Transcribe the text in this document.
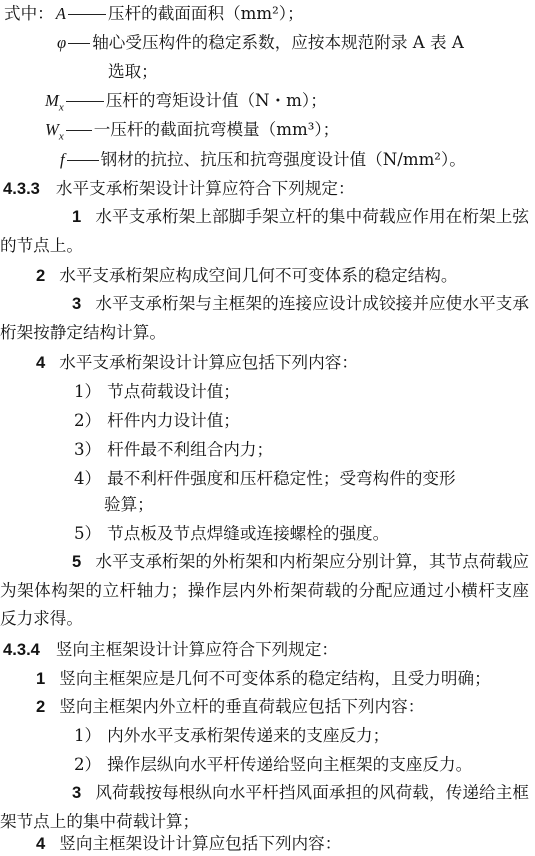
式中： A	压杆的截面面积（mm²）；
φ 轴心受压构件的稳定系数，应按本规范附录 A 表 A
选取；
$M_x$	压杆的弯矩设计值（N・m）；
$W_x$ 一压杆的截面抗弯模量（mm³）；
f 钢材的抗拉、抗压和抗弯强度设计值（N/mm²）。
4.3.3 水平支承桁架设计计算应符合下列规定：
1 水平支承桁架上部脚手架立杆的集中荷载应作用在桁架上弦的节点上。
2 水平支承桁架应构成空间几何不可变体系的稳定结构。
3 水平支承桁架与主框架的连接应设计成铰接并应使水平支承桁架按静定结构计算。
4 水平支承桁架设计计算应包括下列内容：
1） 节点荷载设计值；
2） 杆件内力设计值；
3） 杆件最不利组合内力；
4） 最不利杆件强度和压杆稳定性；受弯构件的变形
验算；
5） 节点板及节点焊缝或连接螺栓的强度。
5 水平支承桁架的外桁架和内桁架应分别计算，其节点荷载应为架体构架的立杆轴力；操作层内外桁架荷载的分配应通过小横杆支座反力求得。
4.3.4 竖向主框架设计计算应符合下列规定：
1 竖向主框架应是几何不可变体系的稳定结构，且受力明确；
2 竖向主框架内外立杆的垂直荷载应包括下列内容：
1） 内外水平支承桁架传递来的支座反力；
2） 操作层纵向水平杆传递给竖向主框架的支座反力。
3 风荷载按每根纵向水平杆挡风面承担的风荷载，传递给主框架节点上的集中荷载计算；
4 竖向主框架设计计算应包括下列内容：
